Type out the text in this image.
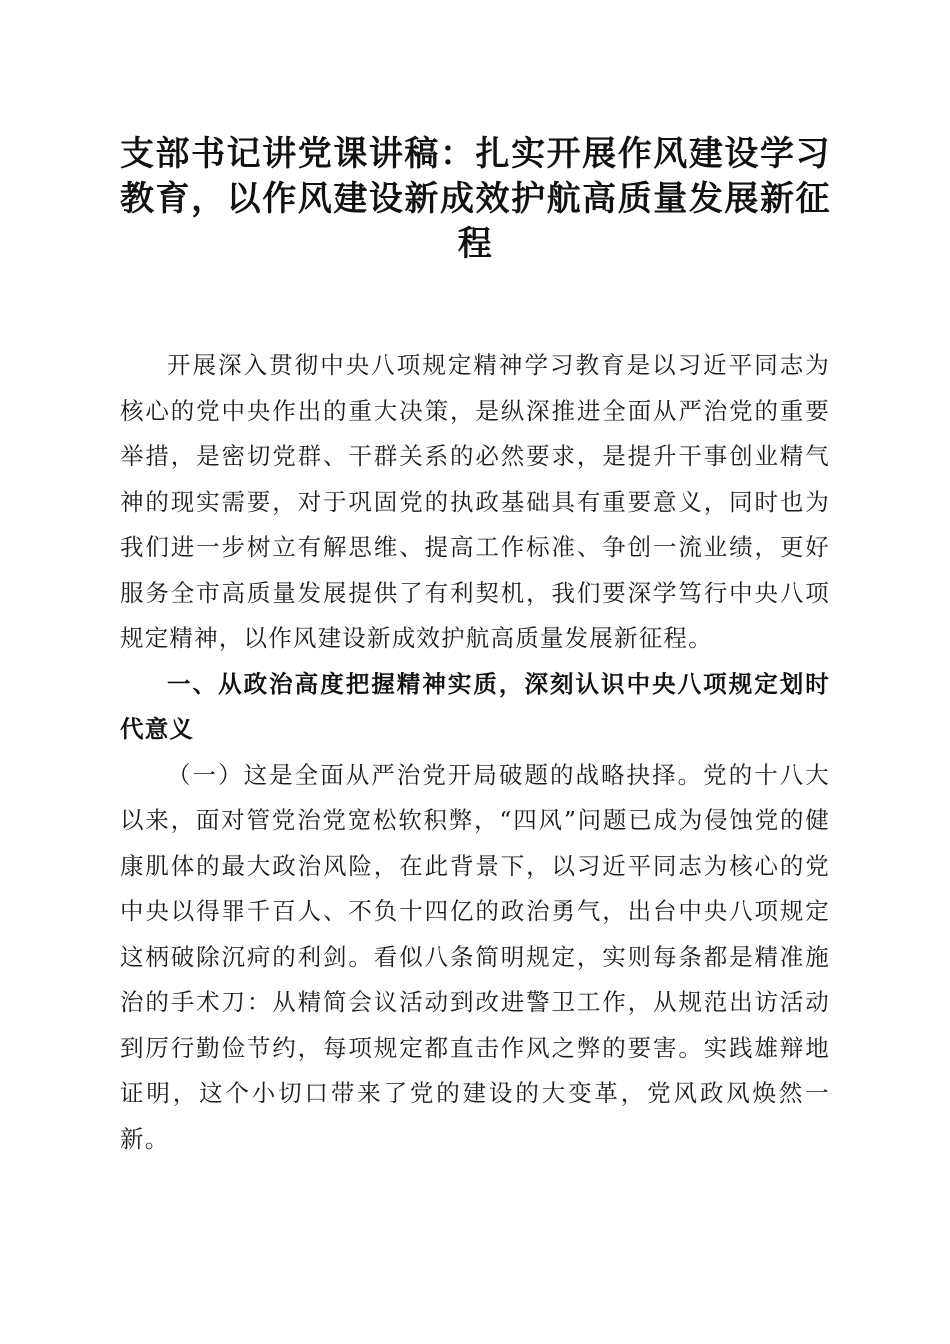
支部书记讲党课讲稿：扎实开展作风建设学习教育，以作风建设新成效护航高质量发展新征程

开展深入贯彻中央八项规定精神学习教育是以习近平同志为核心的党中央作出的重大决策，是纵深推进全面从严治党的重要举措，是密切党群、干群关系的必然要求，是提升干事创业精气神的现实需要，对于巩固党的执政基础具有重要意义，同时也为我们进一步树立有解思维、提高工作标准、争创一流业绩，更好服务全市高质量发展提供了有利契机，我们要深学笃行中央八项规定精神，以作风建设新成效护航高质量发展新征程。

一、从政治高度把握精神实质，深刻认识中央八项规定划时代意义

（一）这是全面从严治党开局破题的战略抉择。党的十八大以来，面对管党治党宽松软积弊，“四风”问题已成为侵蚀党的健康肌体的最大政治风险，在此背景下，以习近平同志为核心的党中央以得罪千百人、不负十四亿的政治勇气，出台中央八项规定这柄破除沉疴的利剑。看似八条简明规定，实则每条都是精准施治的手术刀：从精简会议活动到改进警卫工作，从规范出访活动到厉行勤俭节约，每项规定都直击作风之弊的要害。实践雄辩地证明，这个小切口带来了党的建设的大变革，党风政风焕然一新。
